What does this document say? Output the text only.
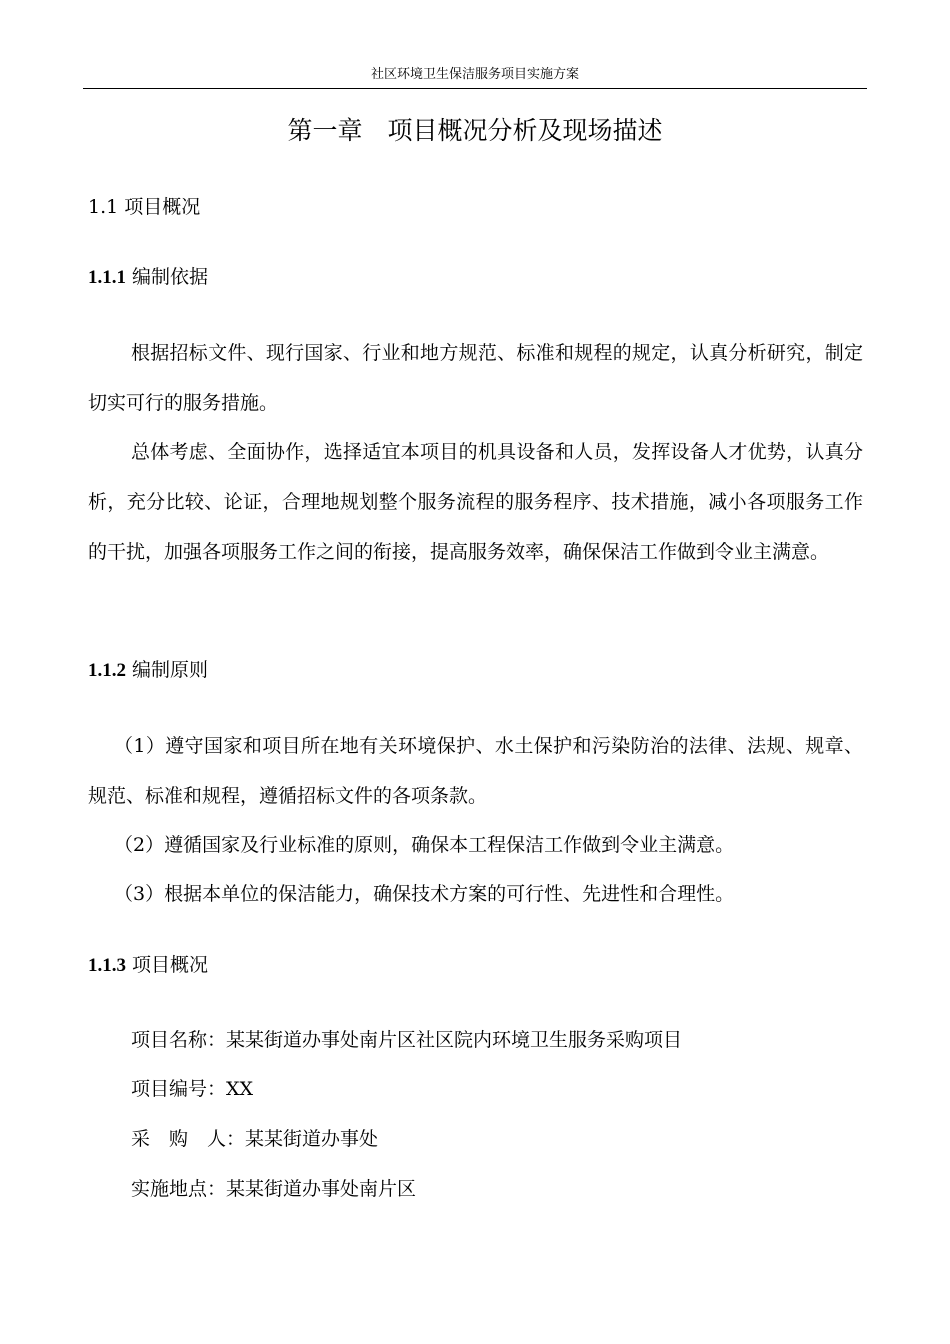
社区环境卫生保洁服务项目实施方案
第一章　项目概况分析及现场描述
1.1 项目概况
1.1.1 编制依据

根据招标文件、现行国家、行业和地方规范、标准和规程的规定，认真分析研究，制定切实可行的服务措施。

总体考虑、全面协作，选择适宜本项目的机具设备和人员，发挥设备人才优势，认真分析，充分比较、论证，合理地规划整个服务流程的服务程序、技术措施，减小各项服务工作的干扰，加强各项服务工作之间的衔接，提高服务效率，确保保洁工作做到令业主满意。

1.1.2 编制原则

（1）遵守国家和项目所在地有关环境保护、水土保护和污染防治的法律、法规、规章、规范、标准和规程，遵循招标文件的各项条款。

（2）遵循国家及行业标准的原则，确保本工程保洁工作做到令业主满意。

（3）根据本单位的保洁能力，确保技术方案的可行性、先进性和合理性。

1.1.3 项目概况
项目名称：某某街道办事处南片区社区院内环境卫生服务采购项目
项目编号：XX
采　购　人：某某街道办事处
实施地点：某某街道办事处南片区
